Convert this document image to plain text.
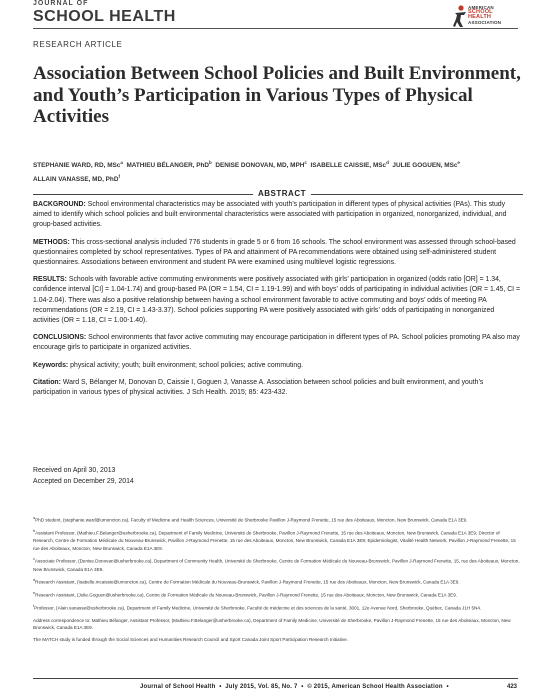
JOURNAL OF
SCHOOL HEALTH
AMERICAN
SCHOOL
HEALTH
ASSOCIATION
RESEARCH ARTICLE
Association Between School Policies and Built Environment, and Youth’s Participation in Various Types of Physical Activities
STEPHANIE WARD, RD, MSc$^a$ MATHIEU BÉLANGER, PhD$^b$ DENISE DONOVAN, MD, MPH$^c$ ISABELLE CAISSIE, MSc$^d$ JULIE GOGUEN, MSc$^e$
ALLAIN VANASSE, MD, PhD$^f$
ABSTRACT

BACKGROUND: School environmental characteristics may be associated with youth’s participation in different types of physical activities (PAs). This study aimed to identify which school policies and built environmental characteristics were associated with participation in organized, nonorganized, individual, and group-based activities.

METHODS: This cross-sectional analysis included 776 students in grade 5 or 6 from 16 schools. The school environment was assessed through school-based questionnaires completed by school representatives. Types of PA and attainment of PA recommendations were obtained using self-administered student questionnaires. Associations between environment and student PA were examined using multilevel logistic regressions.

RESULTS: Schools with favorable active commuting environments were positively associated with girls’ participation in organized (odds ratio [OR] = 1.34, confidence interval [CI] = 1.04-1.74) and group-based PA (OR = 1.54, CI = 1.19-1.99) and with boys’ odds of participating in individual activities (OR = 1.45, CI = 1.04-2.04). There was also a positive relationship between having a school environment favorable to active commuting and boys’ odds of meeting PA recommendations (OR = 2.19, CI = 1.43-3.37). School policies supporting PA were positively associated with girls’ odds of participating in nonorganized activities (OR = 1.18, CI = 1.00-1.40).

CONCLUSIONS: School environments that favor active commuting may encourage participation in different types of PA. School policies promoting PA also may encourage girls to participate in organized activities.

Keywords: physical activity; youth; built environment; school policies; active commuting.

Citation: Ward S, Bélanger M, Donovan D, Caissie I, Goguen J, Vanasse A. Association between school policies and built environment, and youth’s participation in various types of physical activities. J Sch Health. 2015; 85: 423-432.

Received on April 30, 2013
Accepted on December 29, 2014

$^a$PhD student, (stephanie.ward@umoncton.ca), Faculty of Medicine and Health Sciences, Université de Sherbrooke Pavillon J-Raymond Frenette, 15 rue des Aboiteaux, Moncton, New Brunswick, Canada E1A 3E9.

$^b$Assistant Professor, (Mathieu.F.Belanger@usherbrooke.ca), Department of Family Medicine, Université de Sherbrooke, Pavillon J-Raymond Frenette, 15 rue des Aboiteaux, Moncton, New Brunswick, Canada E1A 3E9; Director of Research, Centre de Formation Médicale du Nouveau-Brunswick, Pavillon J-Raymond Frenette, 15 rue des Aboiteaux, Moncton, New Brunswick, Canada E1A 3E9; Epidemiologist, Vitalité Health Network, Pavillon J-Raymond Frenette, 15 rue des Aboiteaux, Moncton, New Brunswick, Canada E1A 3E9.

$^c$Associate Professor, (Denise.Donovan@usherbrooke.ca), Department of Community Health, Université de Sherbrooke, Centre de Formation Médicale du Nouveau-Brunswick, Pavillon J-Raymond Frenette, 15, rue des Aboiteaux, Moncton, New Brunswick, Canada E1A 3E9.

$^d$Research Assistant, (Isabelle.mcaissie@umoncton.ca), Centre de Formation Médicale du Nouveau-Brunswick, Pavillon J-Raymond Frenette, 15 rue des Aboiteaux, Moncton, New Brunswick, Canada E1A 3E9.

$^e$Research Assistant, (Julie.Goguen@usherbrooke.ca), Centre de Formation Médicale du Nouveau-Brunswick, Pavillon J-Raymond Frenette, 15 rue des Aboiteaux, Moncton, New Brunswick, Canada E1A 3E9.

$^f$Professor, (Alain.vanasse@usherbrooke.ca), Department of Family Medicine, Université de Sherbrooke, Faculté de médecine et des sciences de la santé, 3001, 12e Avenue Nord, Sherbrooke, Québec, Canada J1H 5N4.

Address correspondence to: Mathieu Bélanger, Assistant Professor, (Mathieu.F.Belanger@usherbrooke.ca), Department of Family Medicine, Université de Sherbrooke, Pavillon J-Raymond Frenette, 15 rue des Aboiteaux, Moncton, New Brunswick, Canada E1A 3E9.

The MATCH study is funded through the Social Sciences and Humanities Research Council and Sport Canada Joint Sport Participation Research Initiative.

Journal of School Health • July 2015, Vol. 85, No. 7 • © 2015, American School Health Association •	423
